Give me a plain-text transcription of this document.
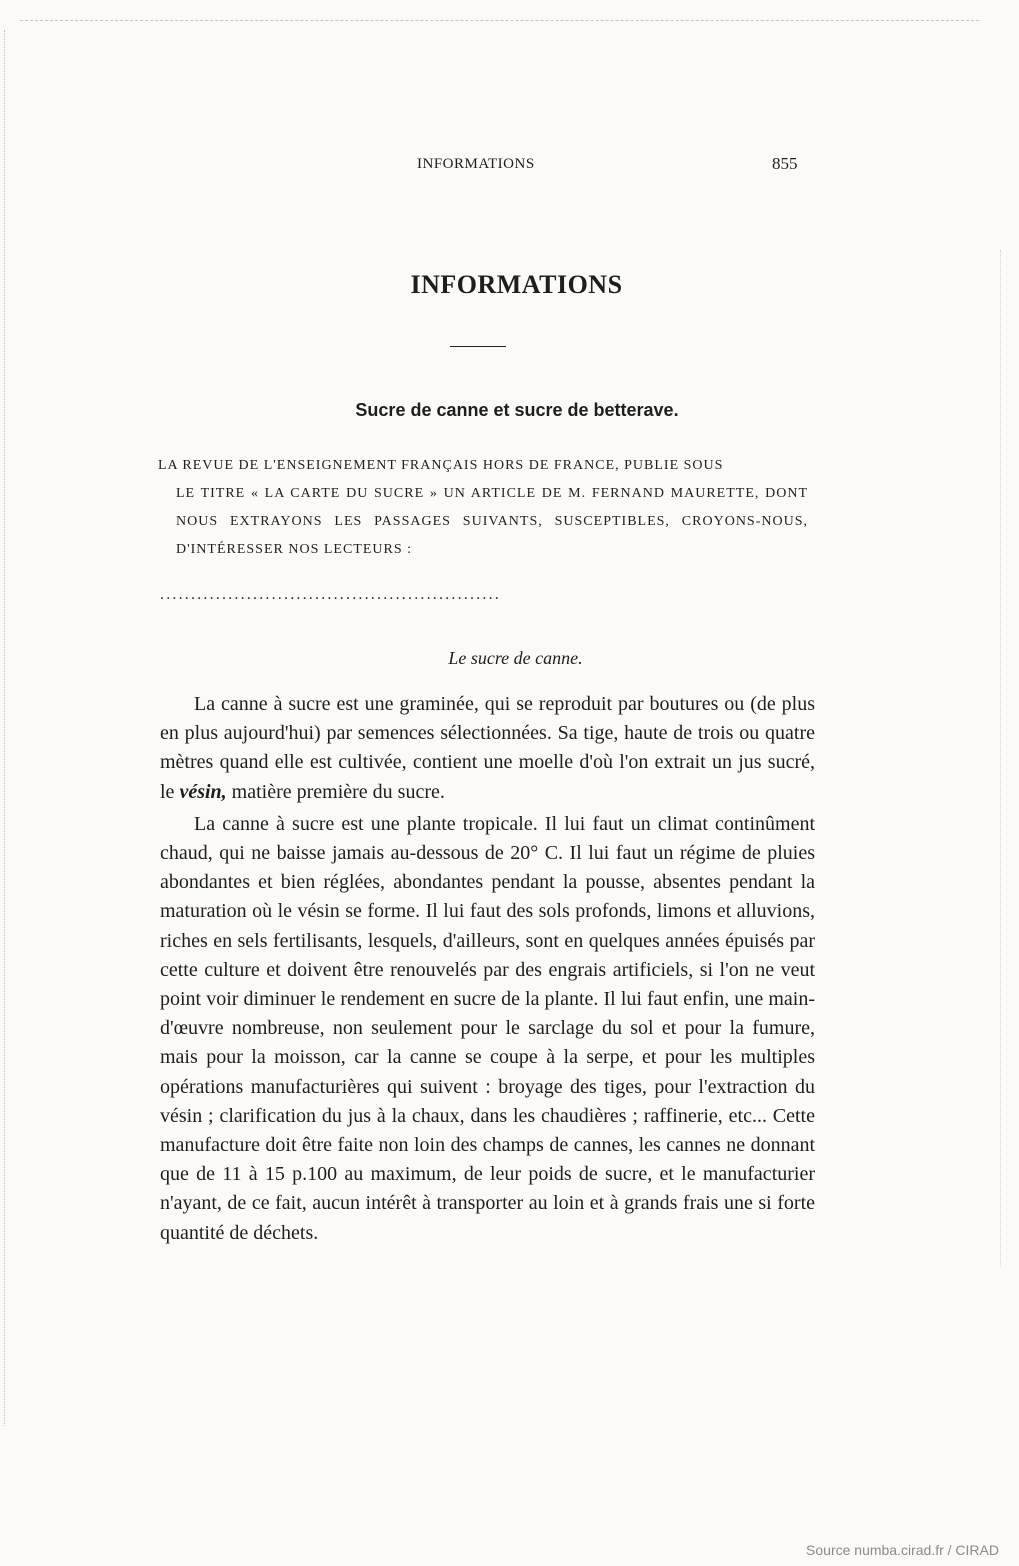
INFORMATIONS	855
INFORMATIONS
Sucre de canne et sucre de betterave.
LA REVUE DE L'ENSEIGNEMENT FRANÇAIS HORS DE FRANCE, PUBLIE SOUS
LE TITRE « LA CARTE DU SUCRE » UN ARTICLE DE M. FERNAND MAURETTE, DONT NOUS EXTRAYONS LES PASSAGES SUIVANTS, SUSCEPTIBLES, CROYONS-NOUS, D'INTÉRESSER NOS LECTEURS :
.......................................................
Le sucre de canne.

La canne à sucre est une graminée, qui se reproduit par boutures ou (de plus en plus aujourd'hui) par semences sélectionnées. Sa tige, haute de trois ou quatre mètres quand elle est cultivée, contient une moelle d'où l'on extrait un jus sucré, le vésin, matière première du sucre.

La canne à sucre est une plante tropicale. Il lui faut un climat continûment chaud, qui ne baisse jamais au-dessous de 20° C. Il lui faut un régime de pluies abondantes et bien réglées, abondantes pendant la pousse, absentes pendant la maturation où le vésin se forme. Il lui faut des sols profonds, limons et alluvions, riches en sels fertilisants, lesquels, d'ailleurs, sont en quelques années épuisés par cette culture et doivent être renouvelés par des engrais artificiels, si l'on ne veut point voir diminuer le rendement en sucre de la plante. Il lui faut enfin, une main-d'œuvre nombreuse, non seulement pour le sarclage du sol et pour la fumure, mais pour la moisson, car la canne se coupe à la serpe, et pour les multiples opérations manufacturières qui suivent : broyage des tiges, pour l'extraction du vésin ; clarification du jus à la chaux, dans les chaudières ; raffinerie, etc... Cette manufacture doit être faite non loin des champs de cannes, les cannes ne donnant que de 11 à 15 p.100 au maximum, de leur poids de sucre, et le manufacturier n'ayant, de ce fait, aucun intérêt à transporter au loin et à grands frais une si forte quantité de déchets.

Source numba.cirad.fr / CIRAD
